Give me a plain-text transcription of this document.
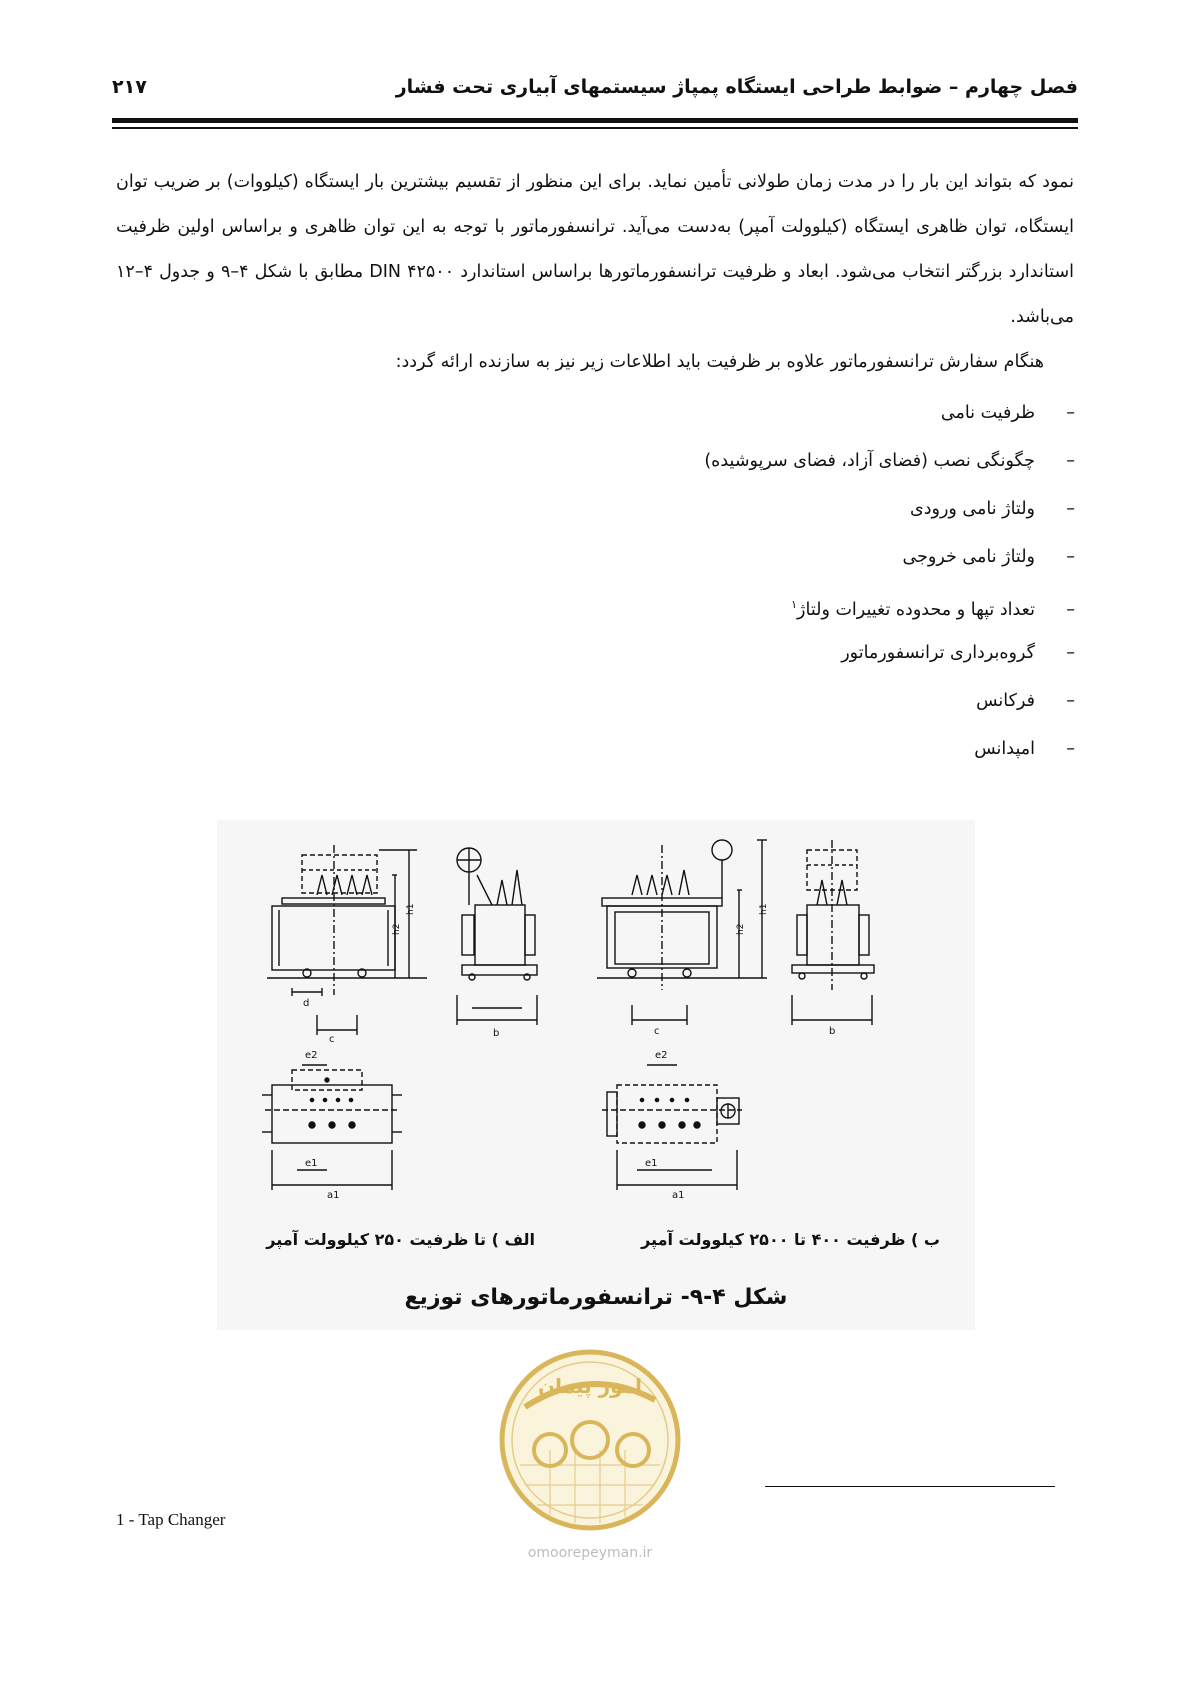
فصل چهارم – ضوابط طراحی ایستگاه پمپاژ سیستمهای آبیاری تحت فشار
۲۱۷

نمود که بتواند این بار را در مدت زمان طولانی تأمین نماید. برای این منظور از تقسیم بیشترین بار ایستگاه (کیلووات) بر ضریب توان ایستگاه، توان ظاهری ایستگاه (کیلوولت آمپر) به‌دست می‌آید. ترانسفورماتور با توجه به این توان ظاهری و براساس اولین ظرفیت استاندارد بزرگتر انتخاب می‌شود. ابعاد و ظرفیت ترانسفورماتورها براساس استاندارد DIN ۴۲۵۰۰ مطابق با شکل ۴–۹ و جدول ۴–۱۲ می‌باشد.

هنگام سفارش ترانسفورماتور علاوه بر ظرفیت باید اطلاعات زیر نیز به سازنده ارائه گردد:

–ظرفیت نامی
–چگونگی نصب (فضای آزاد، فضای سرپوشیده)
–ولتاژ نامی ورودی
–ولتاژ نامی خروجی
–تعداد تپها و محدوده تغییرات ولتاژ$^۱$
–گروه‌برداری ترانسفورماتور
–فرکانس
–امپدانس
h1
h2
d
c
b
h1
h2
c	b
e2
e1
a1
e2
e1
a1
الف ) تا ظرفیت ۲۵۰ کیلوولت آمپر	ب ) ظرفیت ۴۰۰ تا ۲۵۰۰ کیلوولت آمپر
شکل ۴-۹- ترانسفورماتورهای توزیع
امور پیمان
omoorepeyman.ir
1 - Tap Changer
